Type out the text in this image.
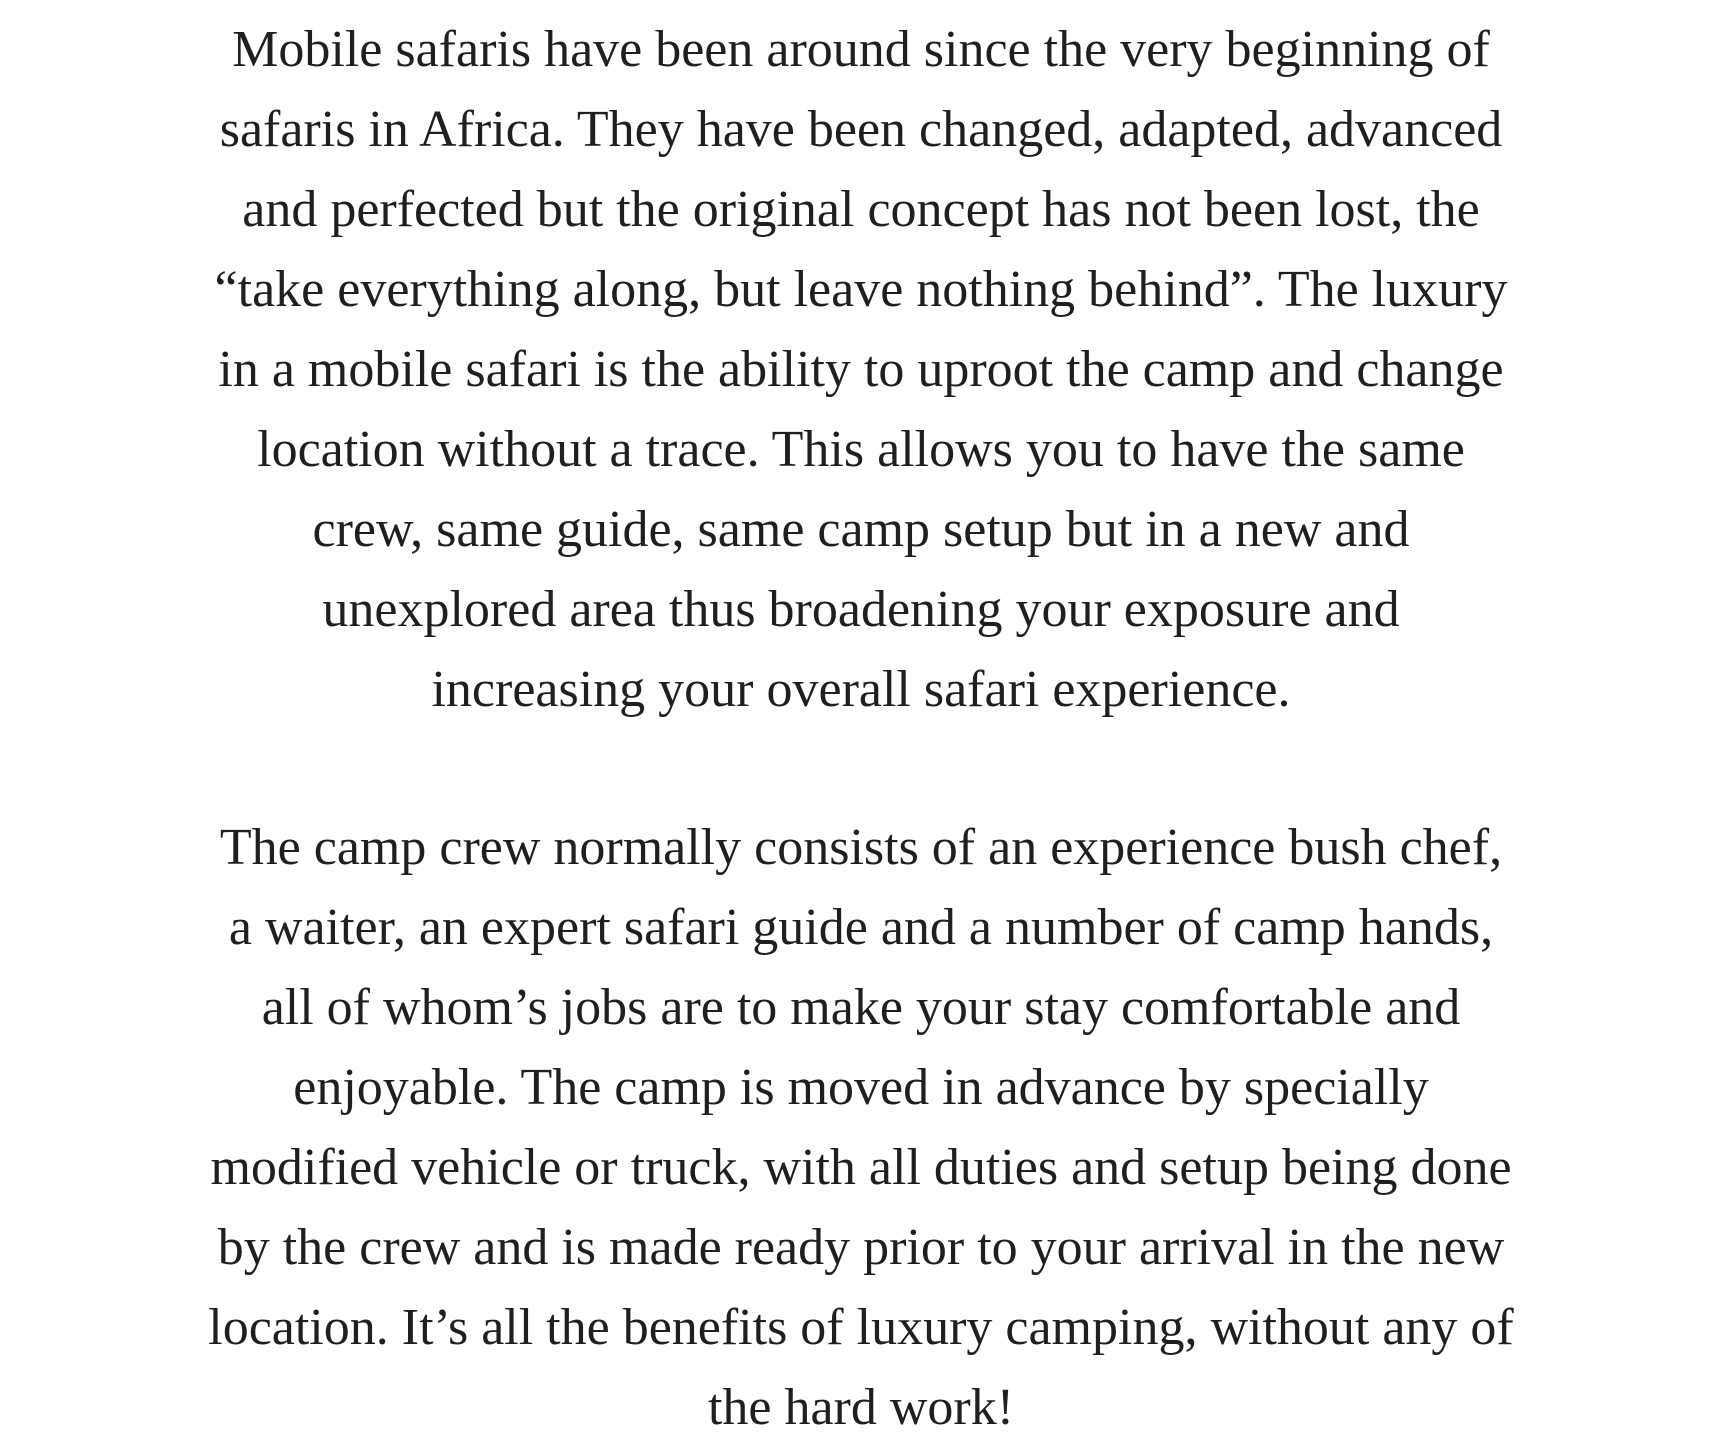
Mobile safaris have been around since the very beginning of
safaris in Africa. They have been changed, adapted, advanced
and perfected but the original concept has not been lost, the
“take everything along, but leave nothing behind”. The luxury
in a mobile safari is the ability to uproot the camp and change
location without a trace. This allows you to have the same
crew, same guide, same camp setup but in a new and
unexplored area thus broadening your exposure and
increasing your overall safari experience.

The camp crew normally consists of an experience bush chef,
a waiter, an expert safari guide and a number of camp hands,
all of whom’s jobs are to make your stay comfortable and
enjoyable. The camp is moved in advance by specially
modified vehicle or truck, with all duties and setup being done
by the crew and is made ready prior to your arrival in the new
location. It’s all the benefits of luxury camping, without any of
the hard work!
